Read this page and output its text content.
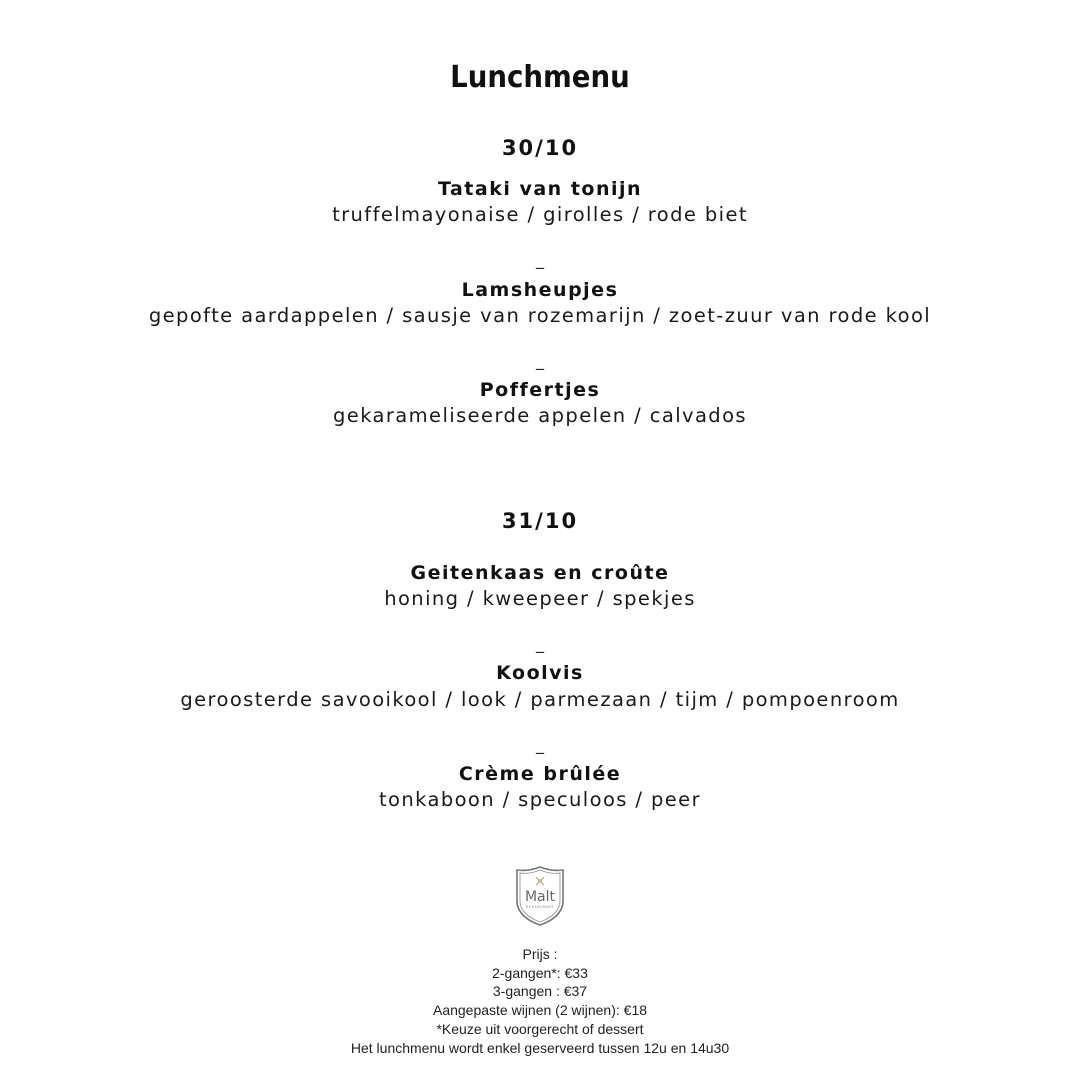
Lunchmenu
30/10
Tataki van tonijn
truffelmayonaise / girolles / rode biet
_
Lamsheupjes
gepofte aardappelen / sausje van rozemarijn / zoet-zuur van rode kool
_
Poffertjes
gekarameliseerde appelen / calvados
31/10
Geitenkaas en croûte
honing / kweepeer / spekjes
_
Koolvis
geroosterde savooikool / look / parmezaan / tijm / pompoenroom
_
Crème brûlée
tonkaboon / speculoos / peer
Malt
RESTAURANT
Prijs :
2-gangen*: €33
3-gangen : €37
Aangepaste wijnen (2 wijnen): €18
*Keuze uit voorgerecht of dessert
Het lunchmenu wordt enkel geserveerd tussen 12u en 14u30
